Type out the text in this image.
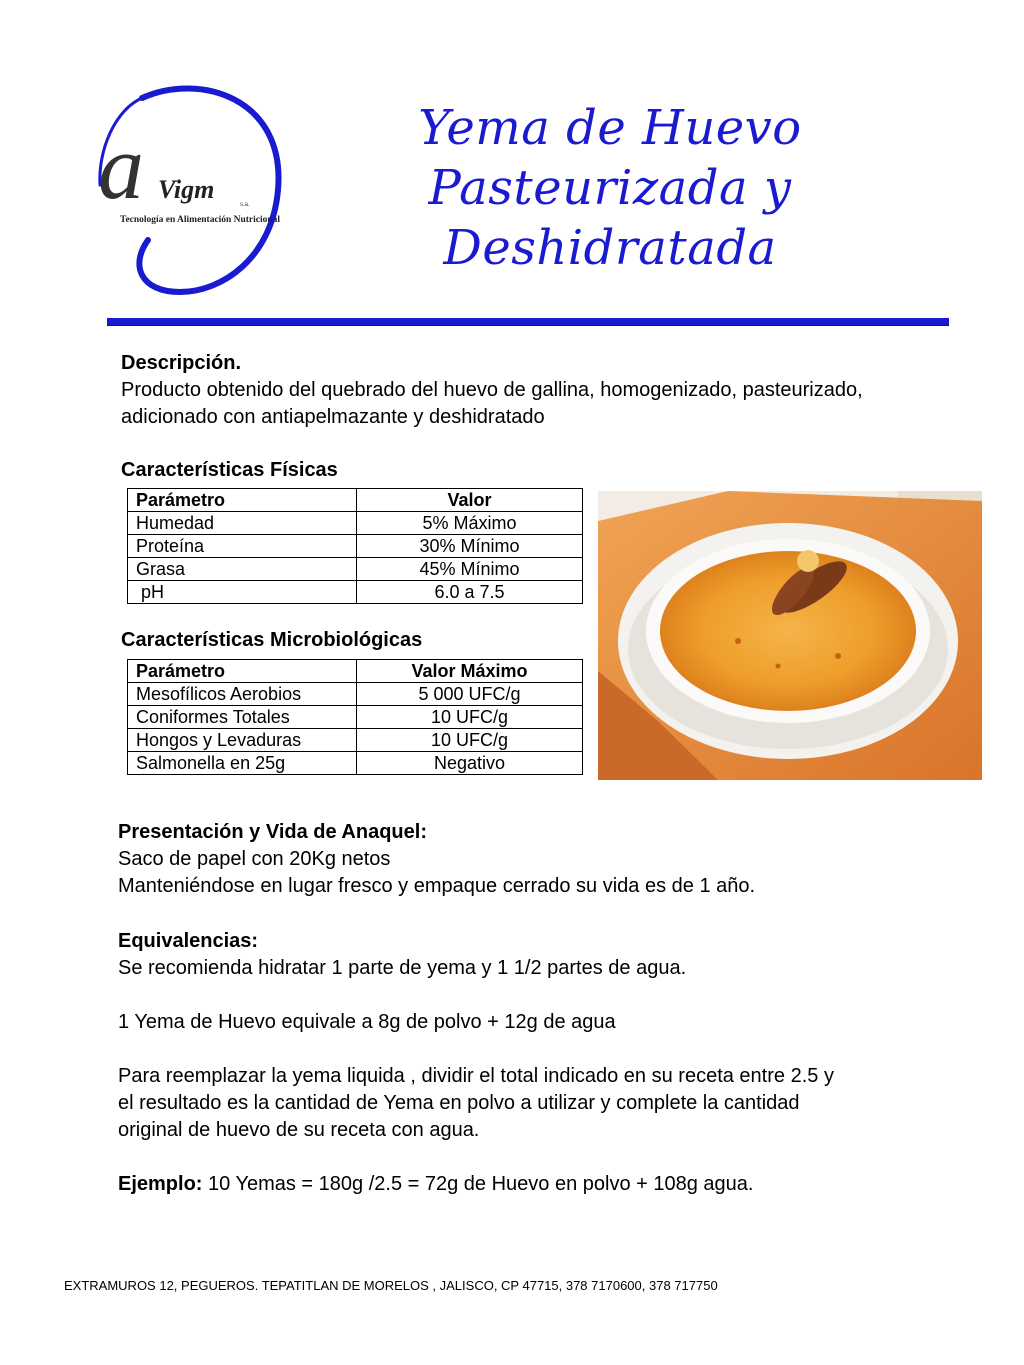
a Vigm
s.a.
Tecnología en Alimentación Nutricional
Yema de Huevo
Pasteurizada y
Deshidratada
Descripción.
Producto obtenido del quebrado del huevo de gallina, homogenizado, pasteurizado,
adicionado con antiapelmazante y deshidratado
Características Físicas
Parámetro	Valor
Humedad	5% Máximo
Proteína	30% Mínimo
Grasa	45% Mínimo
pH	6.0 a 7.5
Características Microbiológicas
Parámetro	Valor Máximo
Mesofílicos Aerobios	5 000 UFC/g
Coniformes Totales	10 UFC/g
Hongos y Levaduras	10 UFC/g
Salmonella en 25g	Negativo
Presentación y Vida de Anaquel:
Saco de papel con 20Kg netos
Manteniéndose en lugar fresco y empaque cerrado su vida es de 1 año.
Equivalencias:
Se recomienda hidratar 1 parte de yema y 1 1/2 partes de agua.
1 Yema de Huevo equivale a 8g de polvo + 12g de agua
Para reemplazar la yema liquida , dividir el total indicado en su receta entre 2.5 y
el resultado es la cantidad de Yema en polvo a utilizar y complete la cantidad
original de huevo de su receta con agua.
Ejemplo: 10 Yemas = 180g /2.5 = 72g de Huevo en polvo + 108g agua.
EXTRAMUROS 12, PEGUEROS. TEPATITLAN DE MORELOS , JALISCO, CP 47715, 378 7170600, 378 717750
